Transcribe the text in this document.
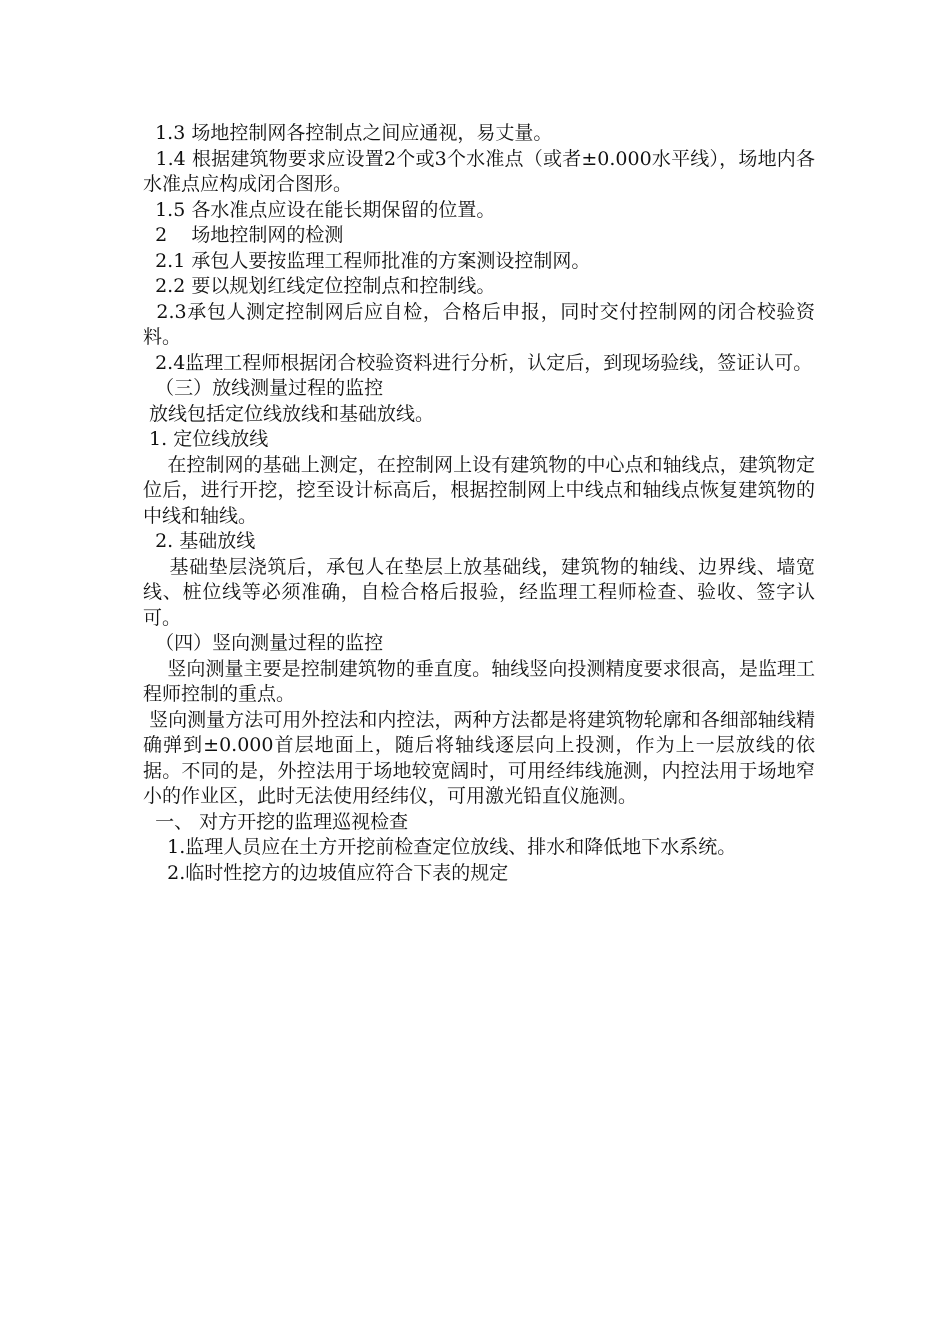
1.3 场地控制网各控制点之间应通视，易丈量。

1.4 根据建筑物要求应设置2个或3个水准点（或者±0.000水平线），场地内各水准点应构成闭合图形。

1.5 各水准点应设在能长期保留的位置。

2    场地控制网的检测

2.1 承包人要按监理工程师批准的方案测设控制网。

2.2 要以规划红线定位控制点和控制线。

2.3承包人测定控制网后应自检，合格后申报，同时交付控制网的闭合校验资料。

2.4监理工程师根据闭合校验资料进行分析，认定后，到现场验线，签证认可。

（三）放线测量过程的监控

放线包括定位线放线和基础放线。

1. 定位线放线

在控制网的基础上测定，在控制网上设有建筑物的中心点和轴线点，建筑物定位后，进行开挖，挖至设计标高后，根据控制网上中线点和轴线点恢复建筑物的中线和轴线。

2. 基础放线

基础垫层浇筑后，承包人在垫层上放基础线，建筑物的轴线、边界线、墙宽线、桩位线等必须准确，自检合格后报验，经监理工程师检查、验收、签字认可。

（四）竖向测量过程的监控

竖向测量主要是控制建筑物的垂直度。轴线竖向投测精度要求很高，是监理工程师控制的重点。

竖向测量方法可用外控法和内控法，两种方法都是将建筑物轮廓和各细部轴线精确弹到±0.000首层地面上，随后将轴线逐层向上投测，作为上一层放线的依据。不同的是，外控法用于场地较宽阔时，可用经纬线施测，内控法用于场地窄小的作业区，此时无法使用经纬仪，可用激光铅直仪施测。

一、 对方开挖的监理巡视检查

1.监理人员应在土方开挖前检查定位放线、排水和降低地下水系统。

2.临时性挖方的边坡值应符合下表的规定
